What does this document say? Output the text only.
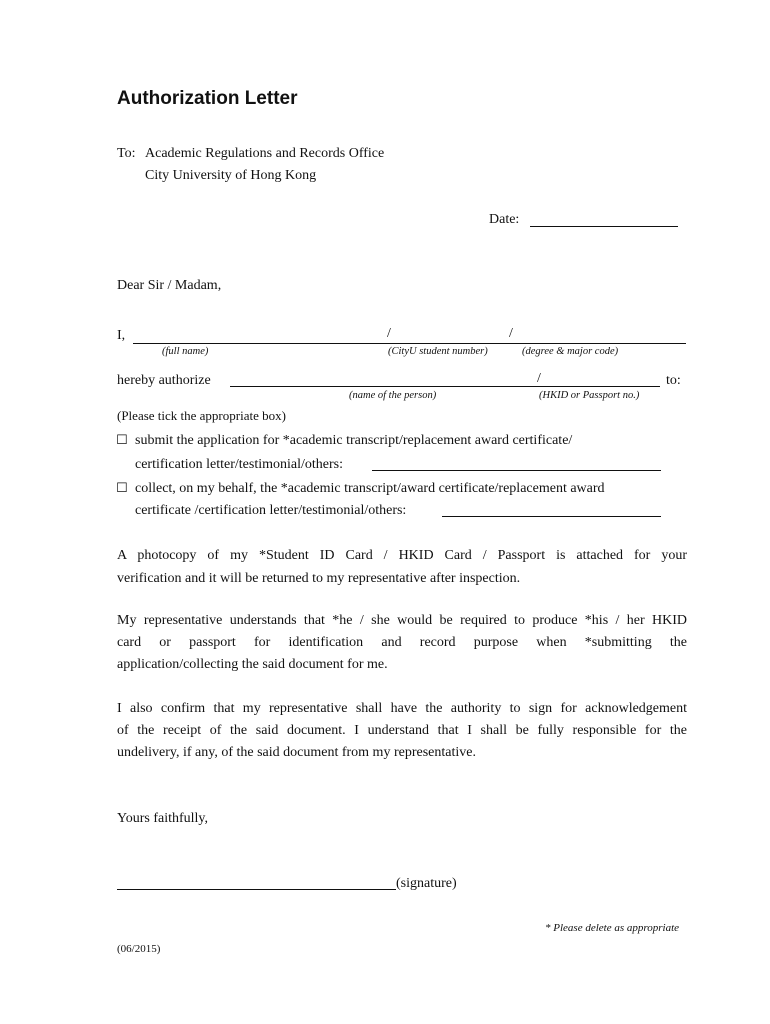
Authorization Letter
To: Academic Regulations and Records Office
City University of Hong Kong
Date:
Dear Sir / Madam,
I,	/	/
(full name)	(CityU student number)	(degree & major code)
hereby authorize	/	to:
(name of the person)	(HKID or Passport no.)
(Please tick the appropriate box)
☐ submit the application for *academic transcript/replacement award certificate/
certification letter/testimonial/others:
☐ collect, on my behalf, the *academic transcript/award certificate/replacement award
certificate /certification letter/testimonial/others:
A photocopy of my *Student ID Card / HKID Card / Passport is attached for your
verification and it will be returned to my representative after inspection.
My representative understands that *he / she would be required to produce *his / her HKID
card or passport for identification and record purpose when *submitting the
application/collecting the said document for me.
I also confirm that my representative shall have the authority to sign for acknowledgement
of the receipt of the said document. I understand that I shall be fully responsible for the
undelivery, if any, of the said document from my representative.
Yours faithfully,
(signature)
* Please delete as appropriate
(06/2015)
